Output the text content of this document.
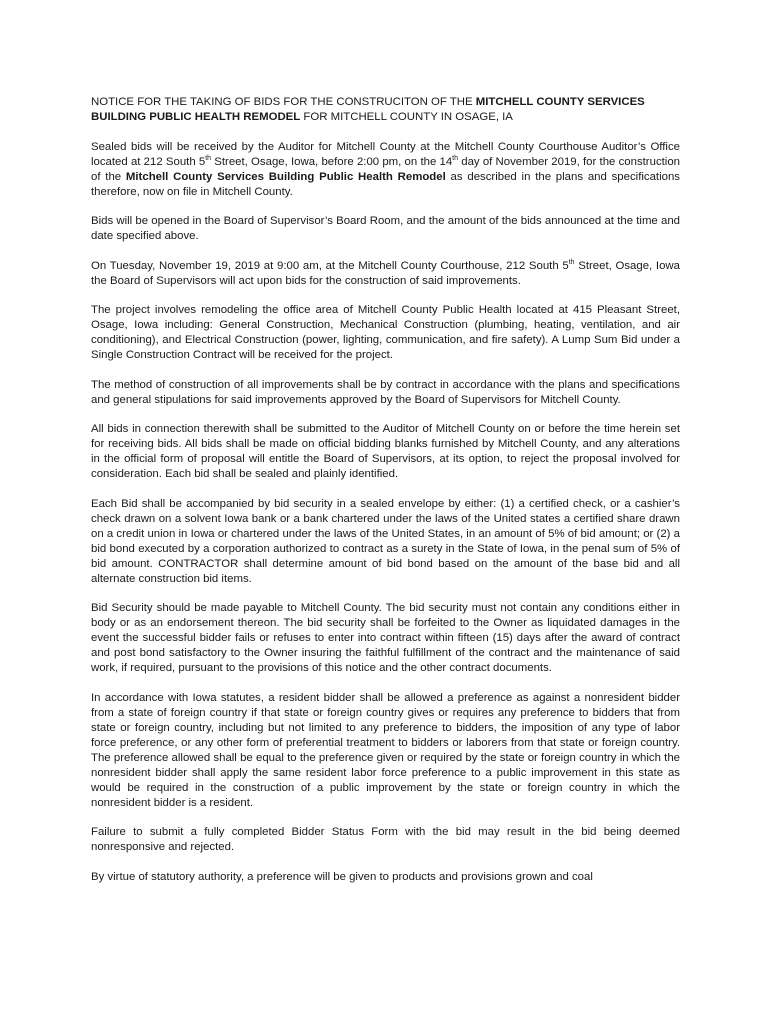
NOTICE FOR THE TAKING OF BIDS FOR THE CONSTRUCITON OF THE MITCHELL COUNTY SERVICES BUILDING PUBLIC HEALTH REMODEL FOR MITCHELL COUNTY IN OSAGE, IA

Sealed bids will be received by the Auditor for Mitchell County at the Mitchell County Courthouse Auditor’s Office located at 212 South 5th Street, Osage, Iowa, before 2:00 pm, on the 14th day of November 2019, for the construction of the Mitchell County Services Building Public Health Remodel as described in the plans and specifications therefore, now on file in Mitchell County.

Bids will be opened in the Board of Supervisor’s Board Room, and the amount of the bids announced at the time and date specified above.

On Tuesday, November 19, 2019 at 9:00 am, at the Mitchell County Courthouse, 212 South 5th Street, Osage, Iowa the Board of Supervisors will act upon bids for the construction of said improvements.

The project involves remodeling the office area of Mitchell County Public Health located at 415 Pleasant Street, Osage, Iowa including: General Construction, Mechanical Construction (plumbing, heating, ventilation, and air conditioning), and Electrical Construction (power, lighting, communication, and fire safety). A Lump Sum Bid under a Single Construction Contract will be received for the project.

The method of construction of all improvements shall be by contract in accordance with the plans and specifications and general stipulations for said improvements approved by the Board of Supervisors for Mitchell County.

All bids in connection therewith shall be submitted to the Auditor of Mitchell County on or before the time herein set for receiving bids. All bids shall be made on official bidding blanks furnished by Mitchell County, and any alterations in the official form of proposal will entitle the Board of Supervisors, at its option, to reject the proposal involved for consideration. Each bid shall be sealed and plainly identified.

Each Bid shall be accompanied by bid security in a sealed envelope by either: (1) a certified check, or a cashier’s check drawn on a solvent Iowa bank or a bank chartered under the laws of the United states a certified share drawn on a credit union in Iowa or chartered under the laws of the United States, in an amount of 5% of bid amount; or (2) a bid bond executed by a corporation authorized to contract as a surety in the State of Iowa, in the penal sum of 5% of bid amount. CONTRACTOR shall determine amount of bid bond based on the amount of the base bid and all alternate construction bid items.

Bid Security should be made payable to Mitchell County. The bid security must not contain any conditions either in body or as an endorsement thereon. The bid security shall be forfeited to the Owner as liquidated damages in the event the successful bidder fails or refuses to enter into contract within fifteen (15) days after the award of contract and post bond satisfactory to the Owner insuring the faithful fulfillment of the contract and the maintenance of said work, if required, pursuant to the provisions of this notice and the other contract documents.

In accordance with Iowa statutes, a resident bidder shall be allowed a preference as against a nonresident bidder from a state of foreign country if that state or foreign country gives or requires any preference to bidders that from state or foreign country, including but not limited to any preference to bidders, the imposition of any type of labor force preference, or any other form of preferential treatment to bidders or laborers from that state or foreign country. The preference allowed shall be equal to the preference given or required by the state or foreign country in which the nonresident bidder shall apply the same resident labor force preference to a public improvement in this state as would be required in the construction of a public improvement by the state or foreign country in which the nonresident bidder is a resident.

Failure to submit a fully completed Bidder Status Form with the bid may result in the bid being deemed nonresponsive and rejected.

By virtue of statutory authority, a preference will be given to products and provisions grown and coal
